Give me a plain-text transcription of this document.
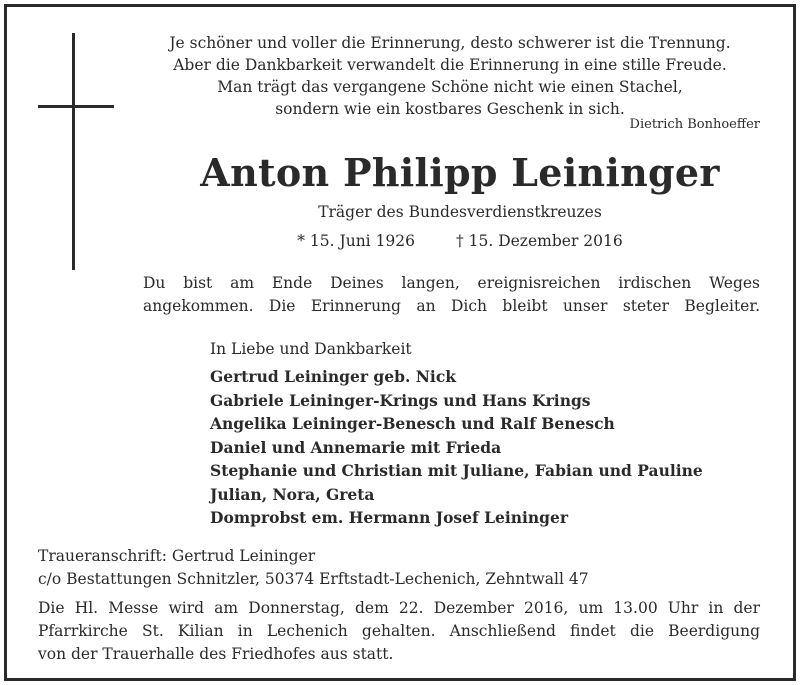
Je schöner und voller die Erinnerung, desto schwerer ist die Trennung.
Aber die Dankbarkeit verwandelt die Erinnerung in eine stille Freude.
Man trägt das vergangene Schöne nicht wie einen Stachel,
sondern wie ein kostbares Geschenk in sich.
Dietrich Bonhoeffer
Anton Philipp Leininger
Träger des Bundesverdienstkreuzes
* 15. Juni 1926	† 15. Dezember 2016
Du bist am Ende Deines langen, ereignisreichen irdischen Weges
angekommen. Die Erinnerung an Dich bleibt unser steter Begleiter.
In Liebe und Dankbarkeit
Gertrud Leininger geb. Nick
Gabriele Leininger-Krings und Hans Krings
Angelika Leininger-Benesch und Ralf Benesch
Daniel und Annemarie mit Frieda
Stephanie und Christian mit Juliane, Fabian und Pauline
Julian, Nora, Greta
Domprobst em. Hermann Josef Leininger
Traueranschrift: Gertrud Leininger
c/o Bestattungen Schnitzler, 50374 Erftstadt-Lechenich, Zehntwall 47
Die Hl. Messe wird am Donnerstag, dem 22. Dezember 2016, um 13.00 Uhr in der
Pfarrkirche St. Kilian in Lechenich gehalten. Anschließend findet die Beerdigung
von der Trauerhalle des Friedhofes aus statt.
